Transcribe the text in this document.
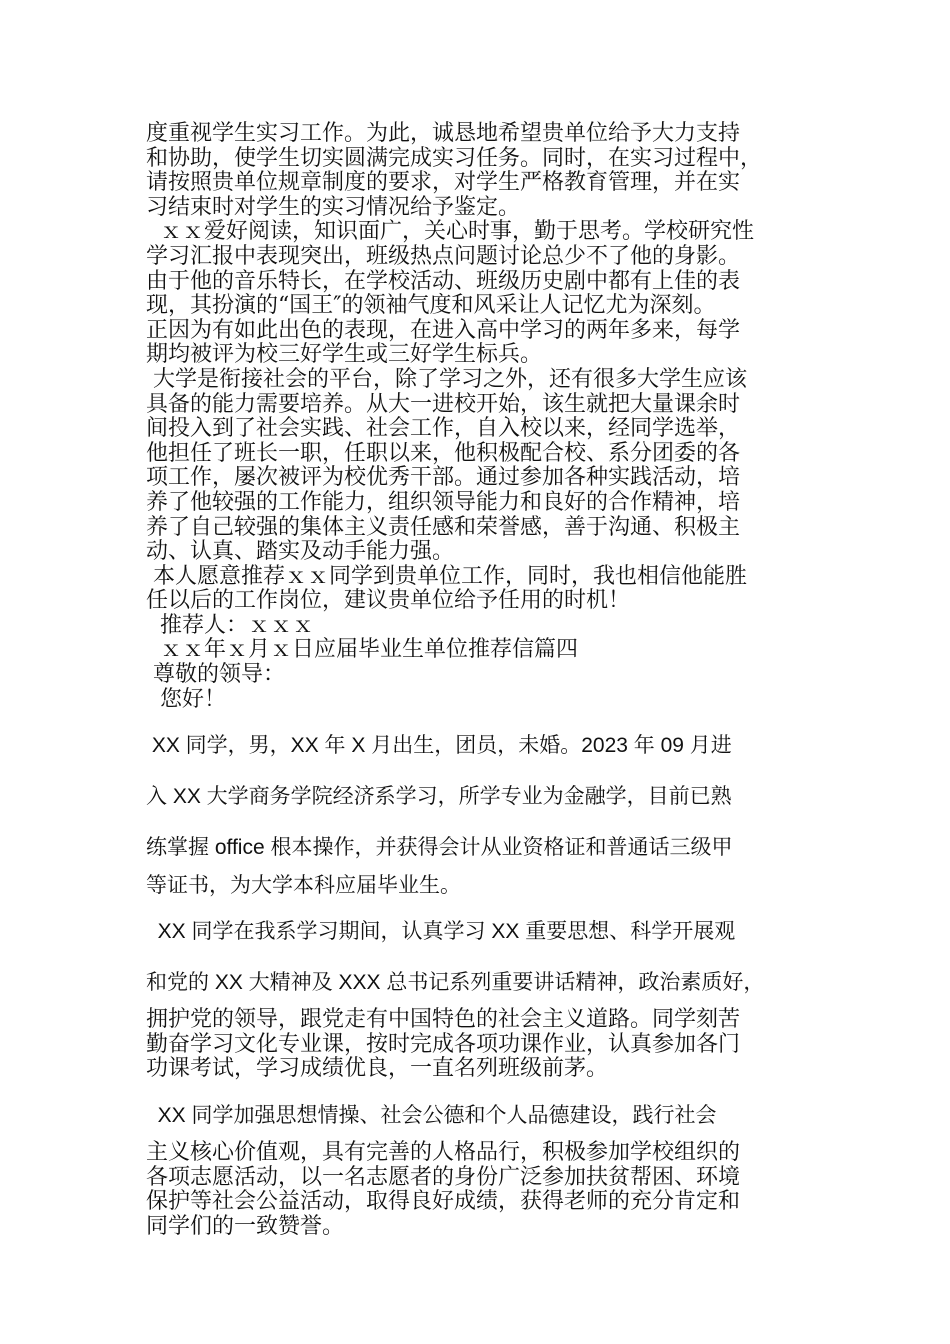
度重视学生实习工作。为此，诚恳地希望贵单位给予大力支持
和协助，使学生切实圆满完成实习任务。同时，在实习过程中，
请按照贵单位规章制度的要求，对学生严格教育管理，并在实
习结束时对学生的实习情况给予鉴定。
ｘｘ爱好阅读，知识面广，关心时事，勤于思考。学校研究性
学习汇报中表现突出，班级热点问题讨论总少不了他的身影。
由于他的音乐特长，在学校活动、班级历史剧中都有上佳的表
现，其扮演的“国王″的领袖气度和风采让人记忆尤为深刻。
正因为有如此出色的表现，在进入高中学习的两年多来，每学
期均被评为校三好学生或三好学生标兵。
大学是衔接社会的平台，除了学习之外，还有很多大学生应该
具备的能力需要培养。从大一进校开始，该生就把大量课余时
间投入到了社会实践、社会工作，自入校以来，经同学选举，
他担任了班长一职，任职以来，他积极配合校、系分团委的各
项工作，屡次被评为校优秀干部。通过参加各种实践活动，培
养了他较强的工作能力，组织领导能力和良好的合作精神，培
养了自己较强的集体主义责任感和荣誉感，善于沟通、积极主
动、认真、踏实及动手能力强。
本人愿意推荐ｘｘ同学到贵单位工作，同时，我也相信他能胜
任以后的工作岗位，建议贵单位给予任用的时机！
推荐人：ｘｘｘ
ｘｘ年ｘ月ｘ日应届毕业生单位推荐信篇四
尊敬的领导：
您好！
XX 同学，男，XX 年 X 月出生，团员，未婚。2023 年 09 月进
入 XX 大学商务学院经济系学习，所学专业为金融学，目前已熟
练掌握 office 根本操作，并获得会计从业资格证和普通话三级甲
等证书，为大学本科应届毕业生。
XX 同学在我系学习期间，认真学习 XX 重要思想、科学开展观
和党的 XX 大精神及 XXX 总书记系列重要讲话精神，政治素质好，
拥护党的领导，跟党走有中国特色的社会主义道路。同学刻苦
勤奋学习文化专业课，按时完成各项功课作业，认真参加各门
功课考试，学习成绩优良，一直名列班级前茅。
XX 同学加强思想情操、社会公德和个人品德建设，践行社会
主义核心价值观，具有完善的人格品行，积极参加学校组织的
各项志愿活动，以一名志愿者的身份广泛参加扶贫帮困、环境
保护等社会公益活动，取得良好成绩，获得老师的充分肯定和
同学们的一致赞誉。
